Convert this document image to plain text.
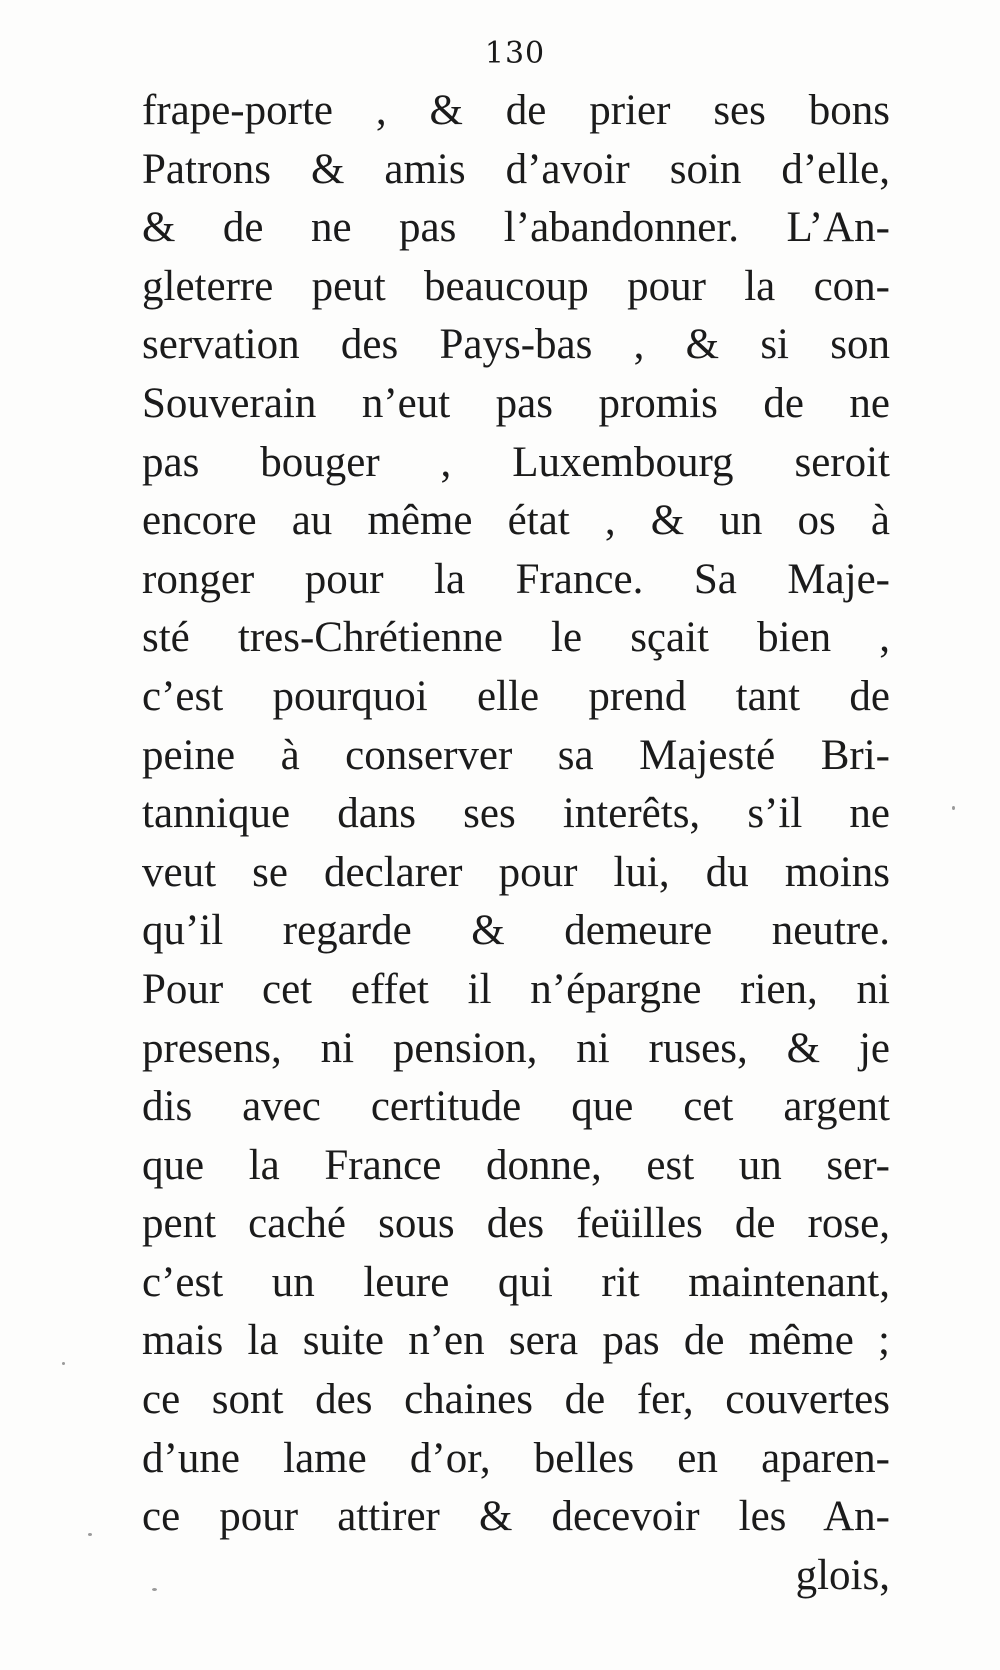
130
frape-porte , & de prier ses bons
Patrons & amis d’avoir soin d’elle,
& de ne pas l’abandonner. L’An-
gleterre peut beaucoup pour la con-
servation des Pays-bas , & si son
Souverain n’eut pas promis de ne
pas bouger , Luxembourg seroit
encore au même état , & un os à
ronger pour la France. Sa Maje-
sté tres-Chrétienne le sçait bien ,
c’est pourquoi elle prend tant de
peine à conserver sa Majesté Bri-
tannique dans ses interêts, s’il ne
veut se declarer pour lui, du moins
qu’il regarde & demeure neutre.
Pour cet effet il n’épargne rien, ni
presens, ni pension, ni ruses, & je
dis avec certitude que cet argent
que la France donne, est un ser-
pent caché sous des feüilles de rose,
c’est un leure qui rit maintenant,
mais la suite n’en sera pas de même ;
ce sont des chaines de fer, couvertes
d’une lame d’or, belles en aparen-
ce pour attirer & decevoir les An-
glois,
